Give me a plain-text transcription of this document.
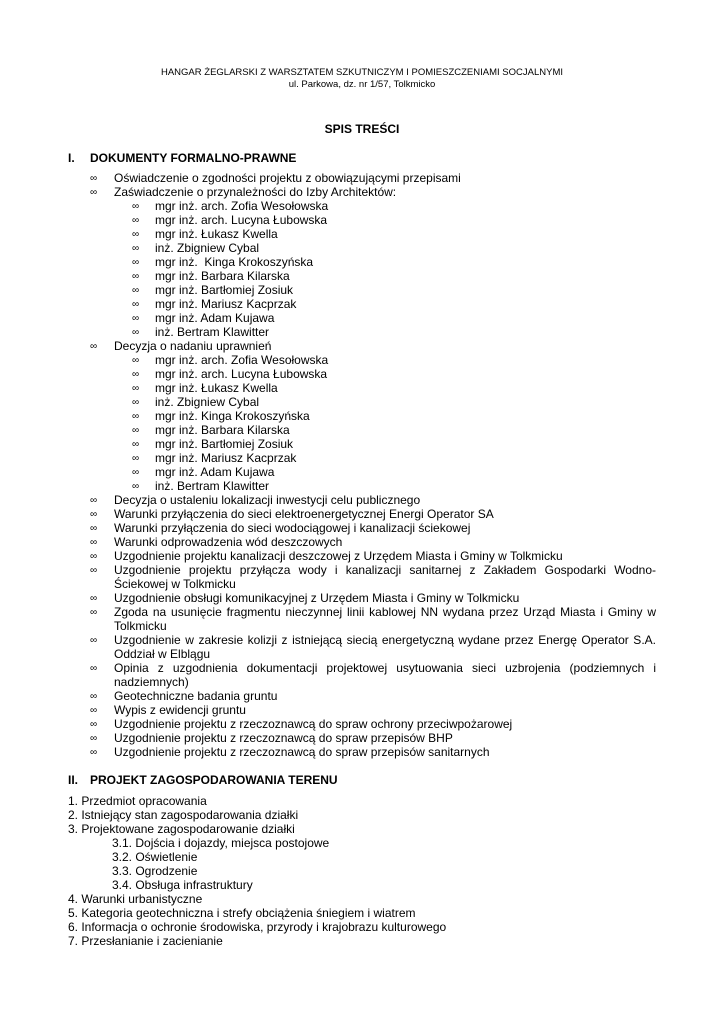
HANGAR ŻEGLARSKI Z WARSZTATEM SZKUTNICZYM I POMIESZCZENIAMI SOCJALNYMI
ul. Parkowa, dz. nr 1/57, Tolkmicko
SPIS TREŚCI
I. DOKUMENTY FORMALNO-PRAWNE
∞ Oświadczenie o zgodności projektu z obowiązującymi przepisami
∞ Zaświadczenie o przynależności do Izby Architektów:
∞ mgr inż. arch. Zofia Wesołowska
∞ mgr inż. arch. Lucyna Łubowska
∞ mgr inż. Łukasz Kwella
∞ inż. Zbigniew Cybal
∞ mgr inż.  Kinga Krokoszyńska
∞ mgr inż. Barbara Kilarska
∞ mgr inż. Bartłomiej Zosiuk
∞ mgr inż. Mariusz Kacprzak
∞ mgr inż. Adam Kujawa
∞ inż. Bertram Klawitter
∞ Decyzja o nadaniu uprawnień
∞ mgr inż. arch. Zofia Wesołowska
∞ mgr inż. arch. Lucyna Łubowska
∞ mgr inż. Łukasz Kwella
∞ inż. Zbigniew Cybal
∞ mgr inż. Kinga Krokoszyńska
∞ mgr inż. Barbara Kilarska
∞ mgr inż. Bartłomiej Zosiuk
∞ mgr inż. Mariusz Kacprzak
∞ mgr inż. Adam Kujawa
∞ inż. Bertram Klawitter
∞ Decyzja o ustaleniu lokalizacji inwestycji celu publicznego
∞ Warunki przyłączenia do sieci elektroenergetycznej Energi Operator SA
∞ Warunki przyłączenia do sieci wodociągowej i kanalizacji ściekowej
∞ Warunki odprowadzenia wód deszczowych
∞ Uzgodnienie projektu kanalizacji deszczowej z Urzędem Miasta i Gminy w Tolkmicku
∞ Uzgodnienie projektu przyłącza wody i kanalizacji sanitarnej z Zakładem Gospodarki Wodno-Ściekowej w Tolkmicku
∞ Uzgodnienie obsługi komunikacyjnej z Urzędem Miasta i Gminy w Tolkmicku
∞ Zgoda na usunięcie fragmentu nieczynnej linii kablowej NN wydana przez Urząd Miasta i Gminy w Tolkmicku
∞ Uzgodnienie w zakresie kolizji z istniejącą siecią energetyczną wydane przez Energę Operator S.A. Oddział w Elblągu
∞ Opinia z uzgodnienia dokumentacji projektowej usytuowania sieci uzbrojenia (podziemnych i nadziemnych)
∞ Geotechniczne badania gruntu
∞ Wypis z ewidencji gruntu
∞ Uzgodnienie projektu z rzeczoznawcą do spraw ochrony przeciwpożarowej
∞ Uzgodnienie projektu z rzeczoznawcą do spraw przepisów BHP
∞ Uzgodnienie projektu z rzeczoznawcą do spraw przepisów sanitarnych
II. PROJEKT ZAGOSPODAROWANIA TERENU
1. Przedmiot opracowania
2. Istniejący stan zagospodarowania działki
3. Projektowane zagospodarowanie działki
3.1. Dojścia i dojazdy, miejsca postojowe
3.2. Oświetlenie
3.3. Ogrodzenie
3.4. Obsługa infrastruktury
4. Warunki urbanistyczne
5. Kategoria geotechniczna i strefy obciążenia śniegiem i wiatrem
6. Informacja o ochronie środowiska, przyrody i krajobrazu kulturowego
7. Przesłanianie i zacienianie
